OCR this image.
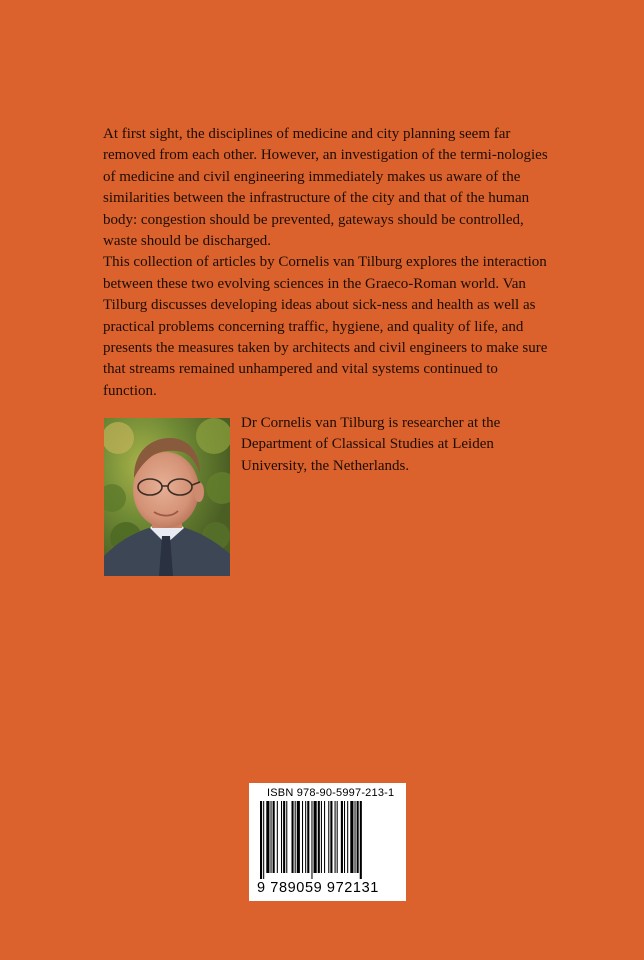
At first sight, the disciplines of medicine and city planning seem far removed from each other. However, an investigation of the termi-nologies of medicine and civil engineering immediately makes us aware of the similarities between the infrastructure of the city and that of the human body: congestion should be prevented, gateways should be controlled, waste should be discharged.

This collection of articles by Cornelis van Tilburg explores the interaction between these two evolving sciences in the Graeco-Roman world. Van Tilburg discusses developing ideas about sick-ness and health as well as practical problems concerning traffic, hygiene, and quality of life, and presents the measures taken by architects and civil engineers to make sure that streams remained unhampered and vital systems continued to function.

Dr Cornelis van Tilburg is researcher at the Department of Classical Studies at Leiden University, the Netherlands.

ISBN 978-90-5997-213-1
9 789059 972131
